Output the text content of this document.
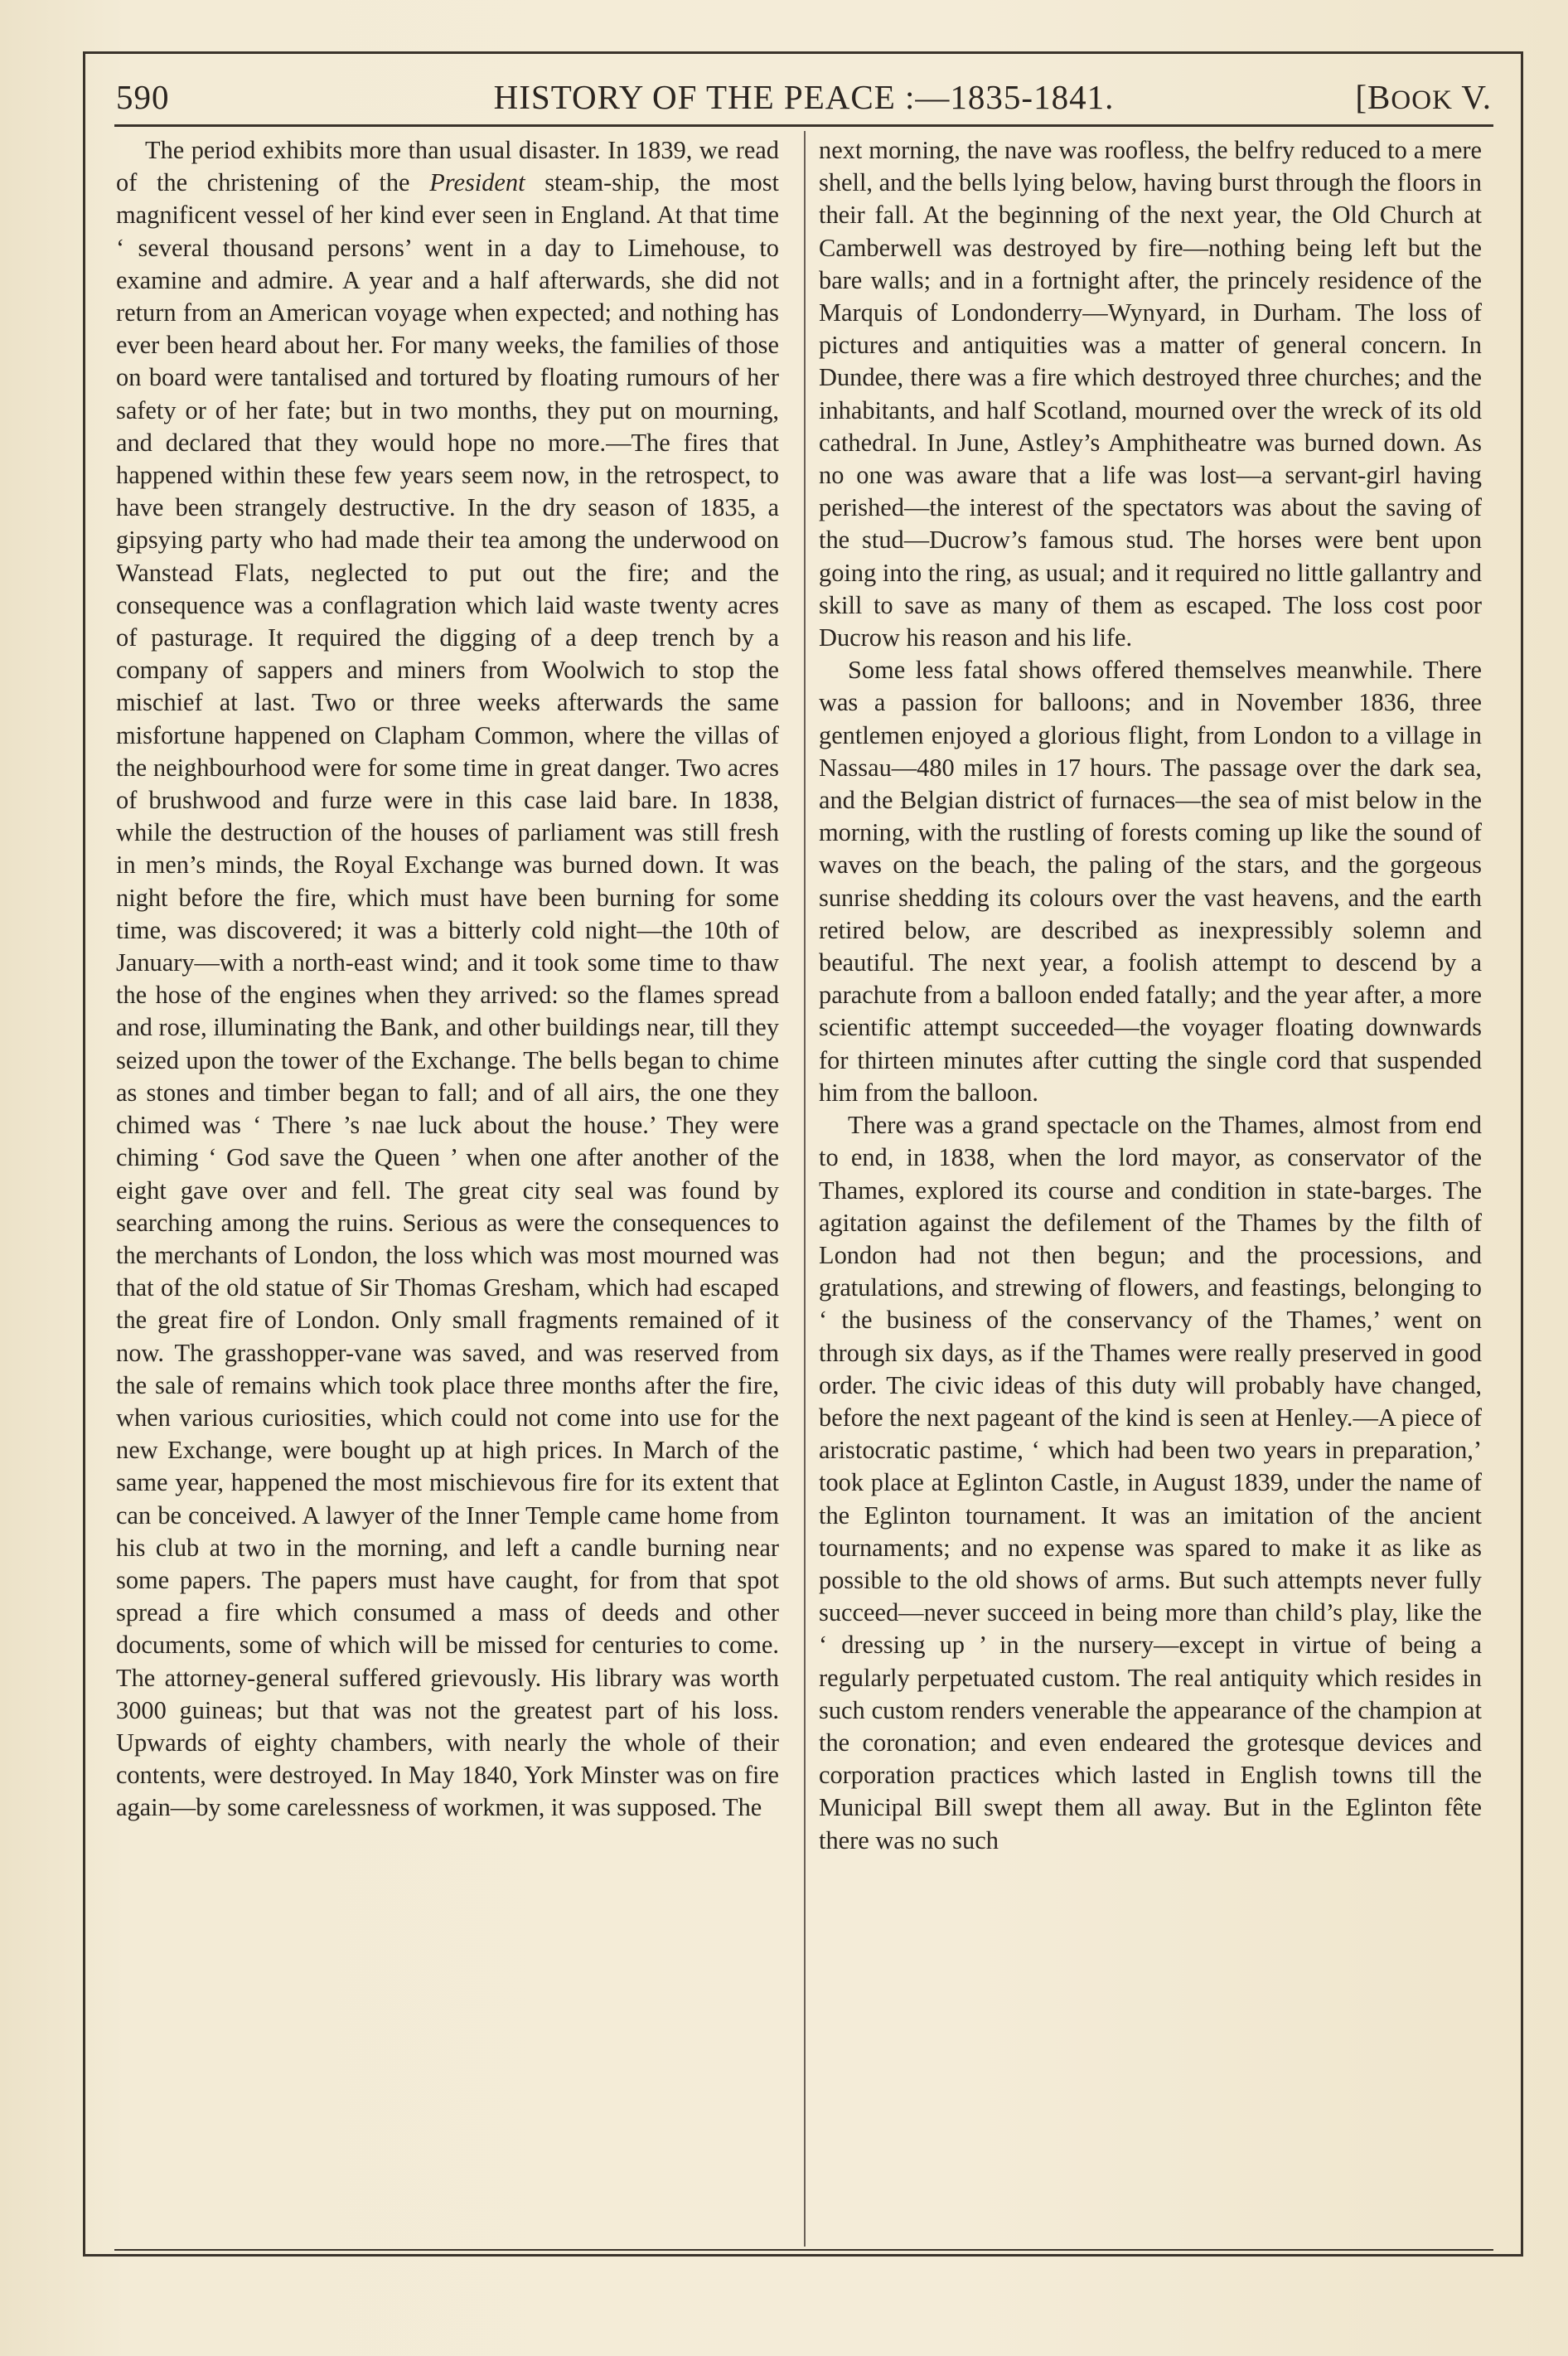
590	HISTORY OF THE PEACE :—1835-1841.	[BOOK V.

The period exhibits more than usual disaster. In 1839, we read of the christening of the President steam-ship, the most magnificent vessel of her kind ever seen in England. At that time ‘ several thousand persons’ went in a day to Limehouse, to examine and admire. A year and a half afterwards, she did not return from an American voyage when expected; and nothing has ever been heard about her. For many weeks, the families of those on board were tantalised and tortured by floating rumours of her safety or of her fate; but in two months, they put on mourning, and declared that they would hope no more.—The fires that happened within these few years seem now, in the retrospect, to have been strangely destructive. In the dry season of 1835, a gipsying party who had made their tea among the underwood on Wanstead Flats, neglected to put out the fire; and the consequence was a conflagration which laid waste twenty acres of pasturage. It required the digging of a deep trench by a company of sappers and miners from Woolwich to stop the mischief at last. Two or three weeks afterwards the same misfortune happened on Clapham Common, where the villas of the neighbourhood were for some time in great danger. Two acres of brushwood and furze were in this case laid bare. In 1838, while the destruction of the houses of parliament was still fresh in men’s minds, the Royal Exchange was burned down. It was night before the fire, which must have been burning for some time, was discovered; it was a bitterly cold night—the 10th of January—with a north-east wind; and it took some time to thaw the hose of the engines when they arrived: so the flames spread and rose, illuminating the Bank, and other buildings near, till they seized upon the tower of the Exchange. The bells began to chime as stones and timber began to fall; and of all airs, the one they chimed was ‘ There ’s nae luck about the house.’ They were chiming ‘ God save the Queen ’ when one after another of the eight gave over and fell. The great city seal was found by searching among the ruins. Serious as were the consequences to the merchants of London, the loss which was most mourned was that of the old statue of Sir Thomas Gresham, which had escaped the great fire of London. Only small fragments remained of it now. The grasshopper-vane was saved, and was reserved from the sale of remains which took place three months after the fire, when various curiosities, which could not come into use for the new Exchange, were bought up at high prices. In March of the same year, happened the most mischievous fire for its extent that can be conceived. A lawyer of the Inner Temple came home from his club at two in the morning, and left a candle burning near some papers. The papers must have caught, for from that spot spread a fire which consumed a mass of deeds and other documents, some of which will be missed for centuries to come. The attorney-general suffered grievously. His library was worth 3000 guineas; but that was not the greatest part of his loss. Upwards of eighty chambers, with nearly the whole of their contents, were destroyed. In May 1840, York Minster was on fire again—by some carelessness of workmen, it was supposed. The

next morning, the nave was roofless, the belfry reduced to a mere shell, and the bells lying below, having burst through the floors in their fall. At the beginning of the next year, the Old Church at Camberwell was destroyed by fire—nothing being left but the bare walls; and in a fortnight after, the princely residence of the Marquis of Londonderry—Wynyard, in Durham. The loss of pictures and antiquities was a matter of general concern. In Dundee, there was a fire which destroyed three churches; and the inhabitants, and half Scotland, mourned over the wreck of its old cathedral. In June, Astley’s Amphitheatre was burned down. As no one was aware that a life was lost—a servant-girl having perished—the interest of the spectators was about the saving of the stud—Ducrow’s famous stud. The horses were bent upon going into the ring, as usual; and it required no little gallantry and skill to save as many of them as escaped. The loss cost poor Ducrow his reason and his life.

Some less fatal shows offered themselves meanwhile. There was a passion for balloons; and in November 1836, three gentlemen enjoyed a glorious flight, from London to a village in Nassau—480 miles in 17 hours. The passage over the dark sea, and the Belgian district of furnaces—the sea of mist below in the morning, with the rustling of forests coming up like the sound of waves on the beach, the paling of the stars, and the gorgeous sunrise shedding its colours over the vast heavens, and the earth retired below, are described as inexpressibly solemn and beautiful. The next year, a foolish attempt to descend by a parachute from a balloon ended fatally; and the year after, a more scientific attempt succeeded—the voyager floating downwards for thirteen minutes after cutting the single cord that suspended him from the balloon.

There was a grand spectacle on the Thames, almost from end to end, in 1838, when the lord mayor, as conservator of the Thames, explored its course and condition in state-barges. The agitation against the defilement of the Thames by the filth of London had not then begun; and the processions, and gratulations, and strewing of flowers, and feastings, belonging to ‘ the business of the conservancy of the Thames,’ went on through six days, as if the Thames were really preserved in good order. The civic ideas of this duty will probably have changed, before the next pageant of the kind is seen at Henley.—A piece of aristocratic pastime, ‘ which had been two years in preparation,’ took place at Eglinton Castle, in August 1839, under the name of the Eglinton tournament. It was an imitation of the ancient tournaments; and no expense was spared to make it as like as possible to the old shows of arms. But such attempts never fully succeed—never succeed in being more than child’s play, like the ‘ dressing up ’ in the nursery—except in virtue of being a regularly perpetuated custom. The real antiquity which resides in such custom renders venerable the appearance of the champion at the coronation; and even endeared the grotesque devices and corporation practices which lasted in English towns till the Municipal Bill swept them all away. But in the Eglinton fête there was no such
